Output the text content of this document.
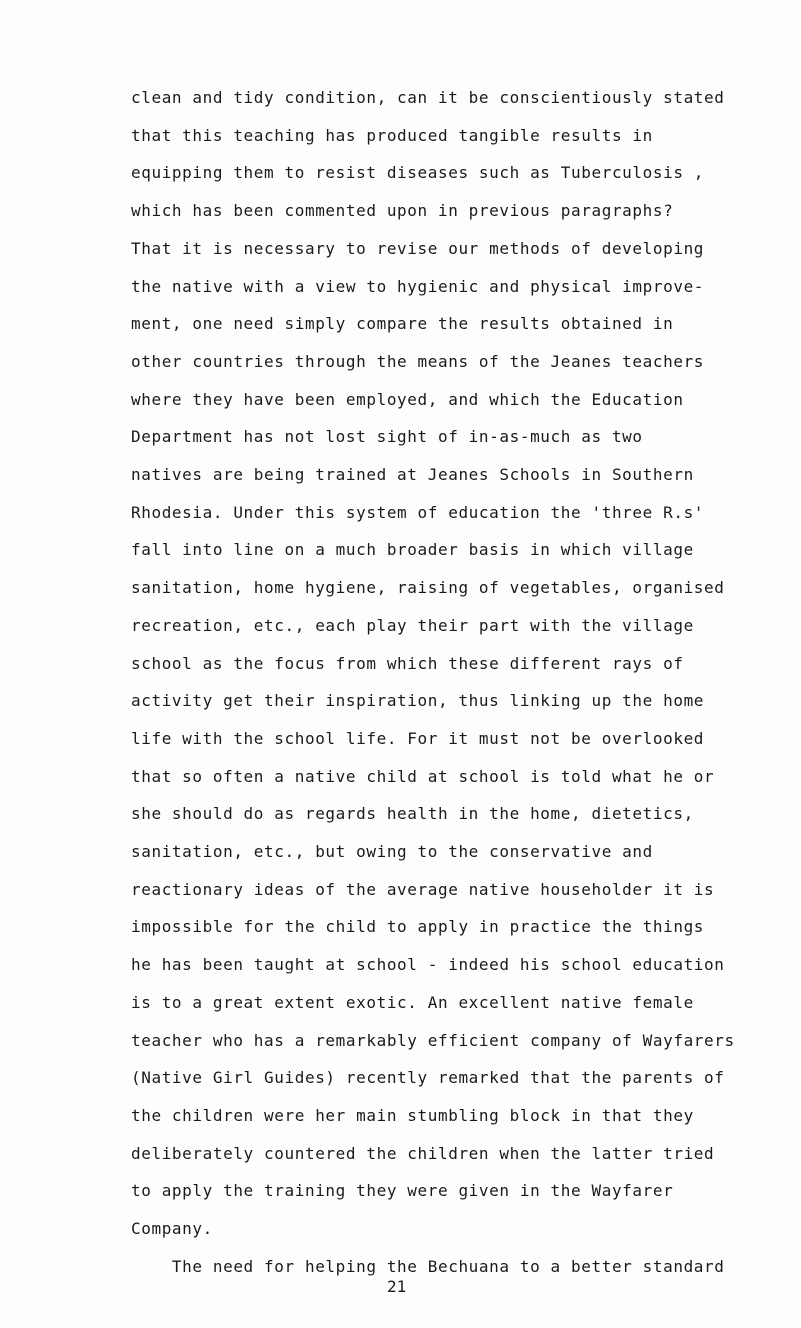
clean and tidy condition, can it be conscientiously stated
that this teaching has produced tangible results in
equipping them to resist diseases such as Tuberculosis ,
which has been commented upon in previous paragraphs?
That it is necessary to revise our methods of developing
the native with a view to hygienic and physical improve-
ment, one need simply compare the results obtained in
other countries through the means of the Jeanes teachers
where they have been employed, and which the Education
Department has not lost sight of in-as-much as two
natives are being trained at Jeanes Schools in Southern
Rhodesia. Under this system of education the 'three R.s'
fall into line on a much broader basis in which village
sanitation, home hygiene, raising of vegetables, organised
recreation, etc., each play their part with the village
school as the focus from which these different rays of
activity get their inspiration, thus linking up the home
life with the school life. For it must not be overlooked
that so often a native child at school is told what he or
she should do as regards health in the home, dietetics,
sanitation, etc., but owing to the conservative and
reactionary ideas of the average native householder it is
impossible for the child to apply in practice the things
he has been taught at school - indeed his school education
is to a great extent exotic. An excellent native female
teacher who has a remarkably efficient company of Wayfarers
(Native Girl Guides) recently remarked that the parents of
the children were her main stumbling block in that they
deliberately countered the children when the latter tried
to apply the training they were given in the Wayfarer
Company.
The need for helping the Bechuana to a better standard
21
